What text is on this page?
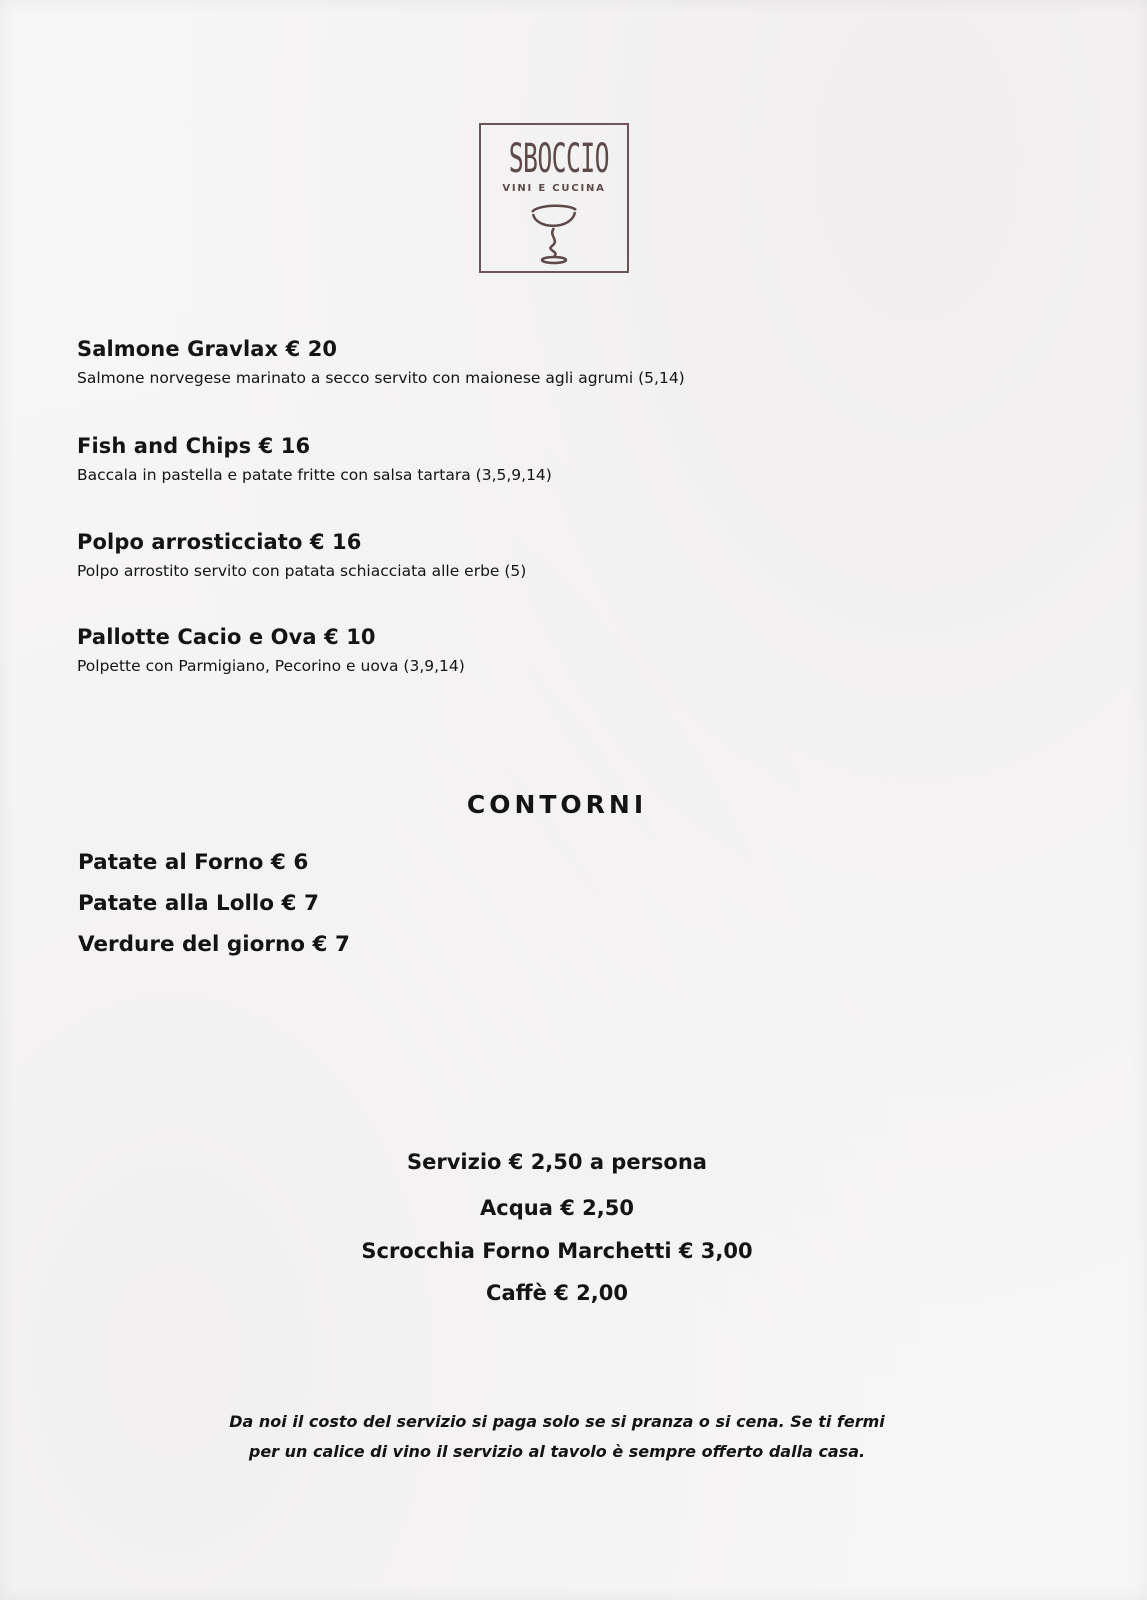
SBOCCIO
VINI E CUCINA
Salmone Gravlax € 20
Salmone norvegese marinato a secco servito con maionese agli agrumi (5,14)
Fish and Chips € 16
Baccala in pastella e patate fritte con salsa tartara (3,5,9,14)
Polpo arrosticciato € 16
Polpo arrostito servito con patata schiacciata alle erbe (5)
Pallotte Cacio e Ova € 10
Polpette con Parmigiano, Pecorino e uova (3,9,14)
CONTORNI
Patate al Forno € 6
Patate alla Lollo € 7
Verdure del giorno € 7
Servizio € 2,50 a persona
Acqua € 2,50
Scrocchia Forno Marchetti € 3,00
Caffè € 2,00
Da noi il costo del servizio si paga solo se si pranza o si cena. Se ti fermi
per un calice di vino il servizio al tavolo è sempre offerto dalla casa.
